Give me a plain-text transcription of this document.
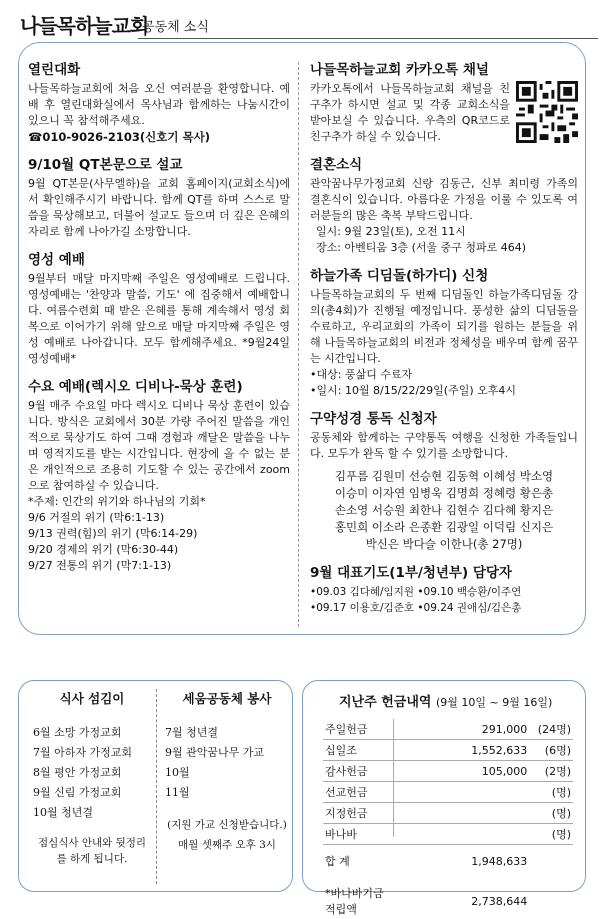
나들목하늘교회
공동체 소식
열린대화

나들목하늘교회에 처음 오신 여러분을 환영합니다. 예배 후 열린대화실에서 목사님과 함께하는 나눔시간이 있으니 꼭 참석해주세요.

☎010-9026-2103(신호기 목사)
9/10월 QT본문으로 설교

9월 QT본문(사무엘하)을 교회 홈페이지(교회소식)에서 확인해주시기 바랍니다. 함께 QT를 하며 스스로 말씀을 묵상해보고, 더불어 설교도 들으며 더 깊은 은혜의 자리로 함께 나아가길 소망합니다.

영성 예배

9월부터 매달 마지막째 주일은 영성예배로 드립니다. 영성예배는 '찬양과 말씀, 기도' 에 집중해서 예배합니다. 여름수련회 때 받은 은혜를 통해 계속해서 영성 회복으로 이어가기 위해 앞으로 매달 마지막째 주일은 영성 예배로 나아갑니다. 모두 함께해주세요. *9월24일 영성예배*

수요 예배(렉시오 디비나-묵상 훈련)

9월 매주 수요일 마다 렉시오 디비나 묵상 훈련이 있습니다. 방식은 교회에서 30분 가량 주어진 말씀을 개인적으로 묵상기도 하여 그때 경험과 깨달은 말씀을 나누며 영적지도를 받는 시간입니다. 현장에 올 수 없는 분은 개인적으로 조용히 기도할 수 있는 공간에서 zoom으로 참여하실 수 있습니다.

*주제: 인간의 위기와 하나님의 기회*
9/6 거절의 위기 (막6:1-13)
9/13 권력(힘)의 위기 (막6:14-29)
9/20 경제의 위기 (막6:30-44)
9/27 전통의 위기 (막7:1-13)
나들목하늘교회 카카오톡 채널

카카오톡에서 나들목하늘교회 채널을 친구추가 하시면 설교 및 각종 교회소식을 받아보실 수 있습니다. 우측의 QR코드로 친구추가 하실 수 있습니다.

결혼소식

관악꿈나무가정교회 신랑 김동근, 신부 최미령 가족의 결혼식이 있습니다. 아름다운 가정을 이룰 수 있도록 여러분들의 많은 축복 부탁드립니다.

일시: 9월 23일(토), 오전 11시
장소: 아벤티움 3층 (서울 중구 청파로 464)
하늘가족 디딤돌(하가디) 신청

나들목하늘교회의 두 번째 디딤돌인 하늘가족디딤돌 강의(총4회)가 진행될 예정입니다. 풍성한 삶의 디딤돌을 수료하고, 우리교회의 가족이 되기를 원하는 분들을 위해 나들목하늘교회의 비전과 정체성을 배우며 함께 꿈꾸는 시간입니다.

•대상: 풍삶디 수료자
•일시: 10월 8/15/22/29일(주일) 오후4시
구약성경 통독 신청자

공동체와 함께하는 구약통독 여행을 신청한 가족들입니다. 모두가 완독 할 수 있기를 소망합니다.

김푸름 김원미 선승현 김동혁 이혜성 박소영
이승미 이자연 임병욱 김명희 정혜령 황은총
손소영 서승원 최한나 김현수 김다혜 황지은
홍민희 이소라 은종환 김광일 이덕림 신지은
박신은 박다슬 이한나(총 27명)
9월 대표기도(1부/청년부) 담당자
•09.03 김다혜/임지원 •09.10 백승환/이주연
•09.17 이용호/김준호 •09.24 권애심/김은총
식사 섬김이
6월 소망 가정교회
7월 아하자 가정교회
8월 평안 가정교회
9월 신림 가정교회
10월 청년결
점심식사 안내와 뒷정리를 하게 됩니다.
세움공동체 봉사
7월 청년결
9월 관악꿈나무 가교
10월
11월
(지원 가교 신청받습니다.)
매월 셋째주 오후 3시
지난주 헌금내역 (9월 10일 ~ 9월 16일)
주일헌금	291,000	(24명)
십일조	1,552,633	(6명)
감사헌금	105,000	(2명)
선교헌금		(명)
지정헌금		(명)
바나바		(명)
합 계	1,948,633	
*바나바기금적립액	2,738,644	
